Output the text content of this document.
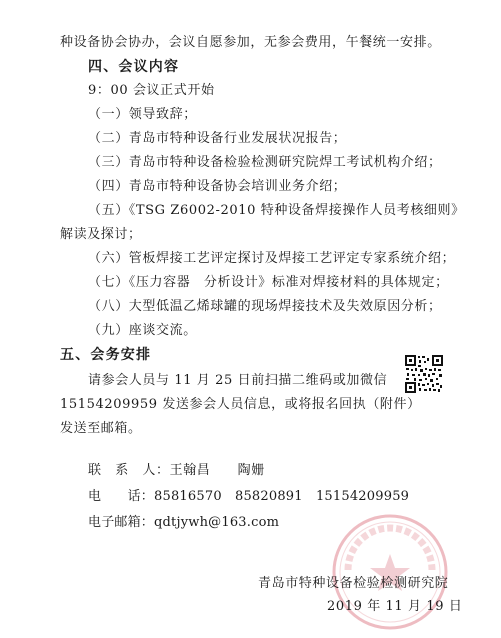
种设备协会协办，会议自愿参加，无参会费用，午餐统一安排。
四、会议内容
9：00 会议正式开始
（一）领导致辞；
（二）青岛市特种设备行业发展状况报告；
（三）青岛市特种设备检验检测研究院焊工考试机构介绍；
（四）青岛市特种设备协会培训业务介绍；
（五）《TSG Z6002-2010 特种设备焊接操作人员考核细则》
解读及探讨；
（六）管板焊接工艺评定探讨及焊接工艺评定专家系统介绍；
（七）《压力容器　分析设计》标准对焊接材料的具体规定；
（八）大型低温乙烯球罐的现场焊接技术及失效原因分析；
（九）座谈交流。
五、会务安排
请参会人员与 11 月 25 日前扫描二维码或加微信
15154209959 发送参会人员信息，或将报名回执（附件）
发送至邮箱。
联　系　人：王翰昌　　陶姗
电　　话：85816570　85820891　15154209959
电子邮箱：qdtjywh@163.com
青岛市特种设备检验检测研究院
2019 年 11 月 19 日
